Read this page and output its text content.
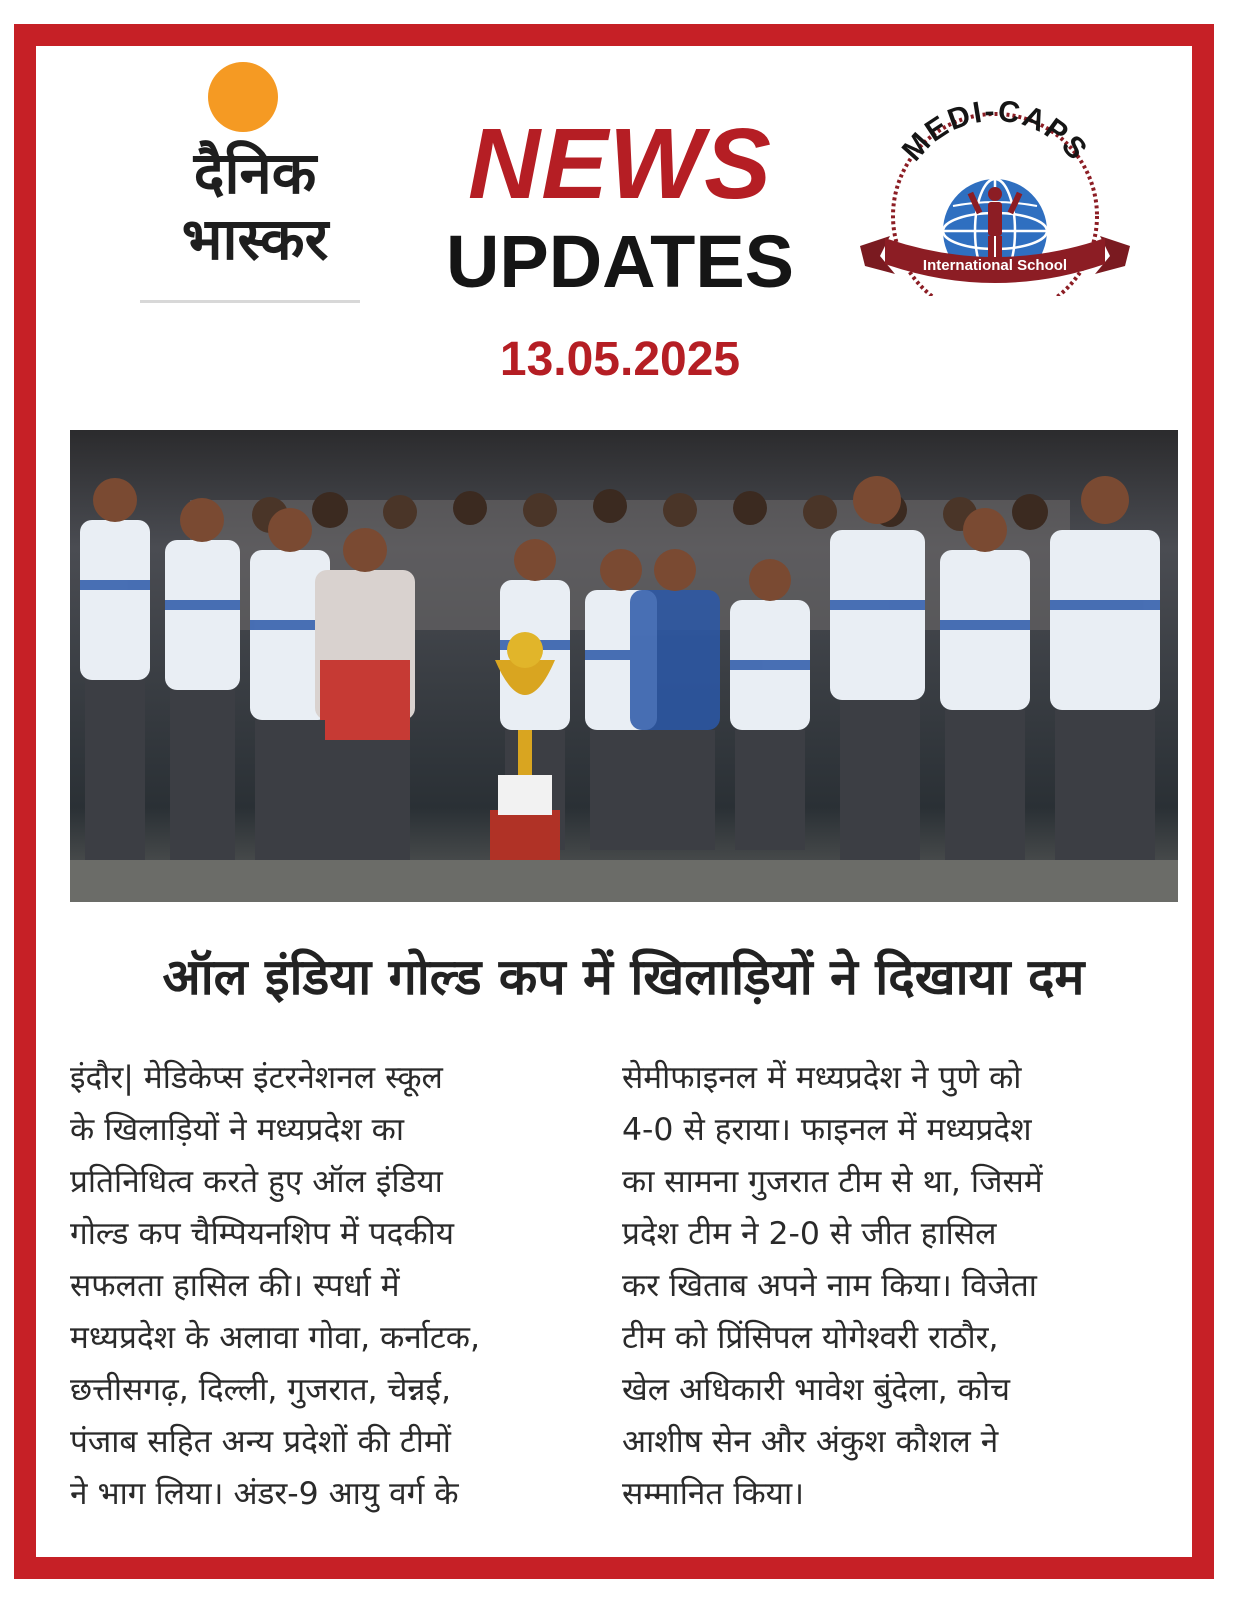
दैनिक भास्कर
NEWS
UPDATES
13.05.2025
MEDI-CAPS
International School
ऑल इंडिया गोल्ड कप में खिलाड़ियों ने दिखाया दम
इंदौर| मेडिकेप्स इंटरनेशनल स्कूल
के खिलाड़ियों ने मध्यप्रदेश का
प्रतिनिधित्व करते हुए ऑल इंडिया
गोल्ड कप चैम्पियनशिप में पदकीय
सफलता हासिल की। स्पर्धा में
मध्यप्रदेश के अलावा गोवा, कर्नाटक,
छत्तीसगढ़, दिल्ली, गुजरात, चेन्नई,
पंजाब सहित अन्य प्रदेशों की टीमों
ने भाग लिया। अंडर-9 आयु वर्ग के
सेमीफाइनल में मध्यप्रदेश ने पुणे को
4-0 से हराया। फाइनल में मध्यप्रदेश
का सामना गुजरात टीम से था, जिसमें
प्रदेश टीम ने 2-0 से जीत हासिल
कर खिताब अपने नाम किया। विजेता
टीम को प्रिंसिपल योगेश्वरी राठौर,
खेल अधिकारी भावेश बुंदेला, कोच
आशीष सेन और अंकुश कौशल ने
सम्मानित किया।
